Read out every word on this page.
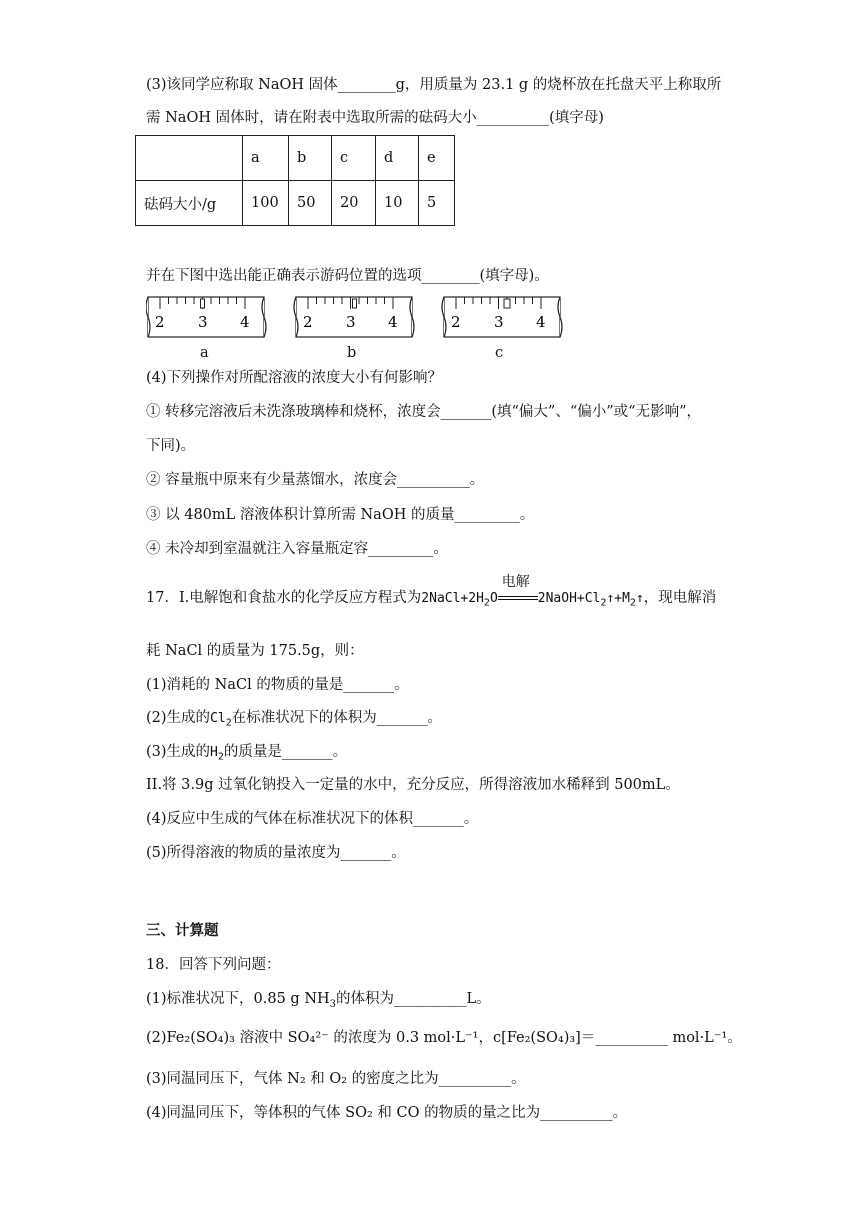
(3)该同学应称取 NaOH 固体________g，用质量为 23.1 g 的烧杯放在托盘天平上称取所
需 NaOH 固体时，请在附表中选取所需的砝码大小__________(填字母)
	a	b	c	d	e
砝码大小/g	100	50	20	10	5
并在下图中选出能正确表示游码位置的选项________(填字母)。
2 3 4	2 3 4	2 3 4
a	b	c
(4)下列操作对所配溶液的浓度大小有何影响？
① 转移完溶液后未洗涤玻璃棒和烧杯，浓度会_______(填“偏大”、“偏小”或“无影响”，
下同)。
② 容量瓶中原来有少量蒸馏水，浓度会__________。
③ 以 480mL 溶液体积计算所需 NaOH 的质量_________。
④ 未冷却到室温就注入容量瓶定容_________。
17．I.电解饱和食盐水的化学反应方程式为$2NaCl+2H_2O$
电解
$2NaOH+Cl_2↑+M_2↑$，现电解消
耗 NaCl 的质量为 175.5g，则：
(1)消耗的 NaCl 的物质的量是_______。
(2)生成的$Cl_2$在标准状况下的体积为_______。
(3)生成的$H_2$的质量是_______。
II.将 3.9g 过氧化钠投入一定量的水中，充分反应，所得溶液加水稀释到 500mL。
(4)反应中生成的气体在标准状况下的体积_______。
(5)所得溶液的物质的量浓度为_______。
三、计算题
18．回答下列问题：
(1)标准状况下，0.85 g $NH_3$的体积为__________L。
(2)Fe₂(SO₄)₃ 溶液中 SO₄²⁻ 的浓度为 0.3 mol·L⁻¹，c[Fe₂(SO₄)₃]＝__________ mol·L⁻¹。
(3)同温同压下，气体 N₂ 和 O₂ 的密度之比为__________。
(4)同温同压下，等体积的气体 SO₂ 和 CO 的物质的量之比为__________。
